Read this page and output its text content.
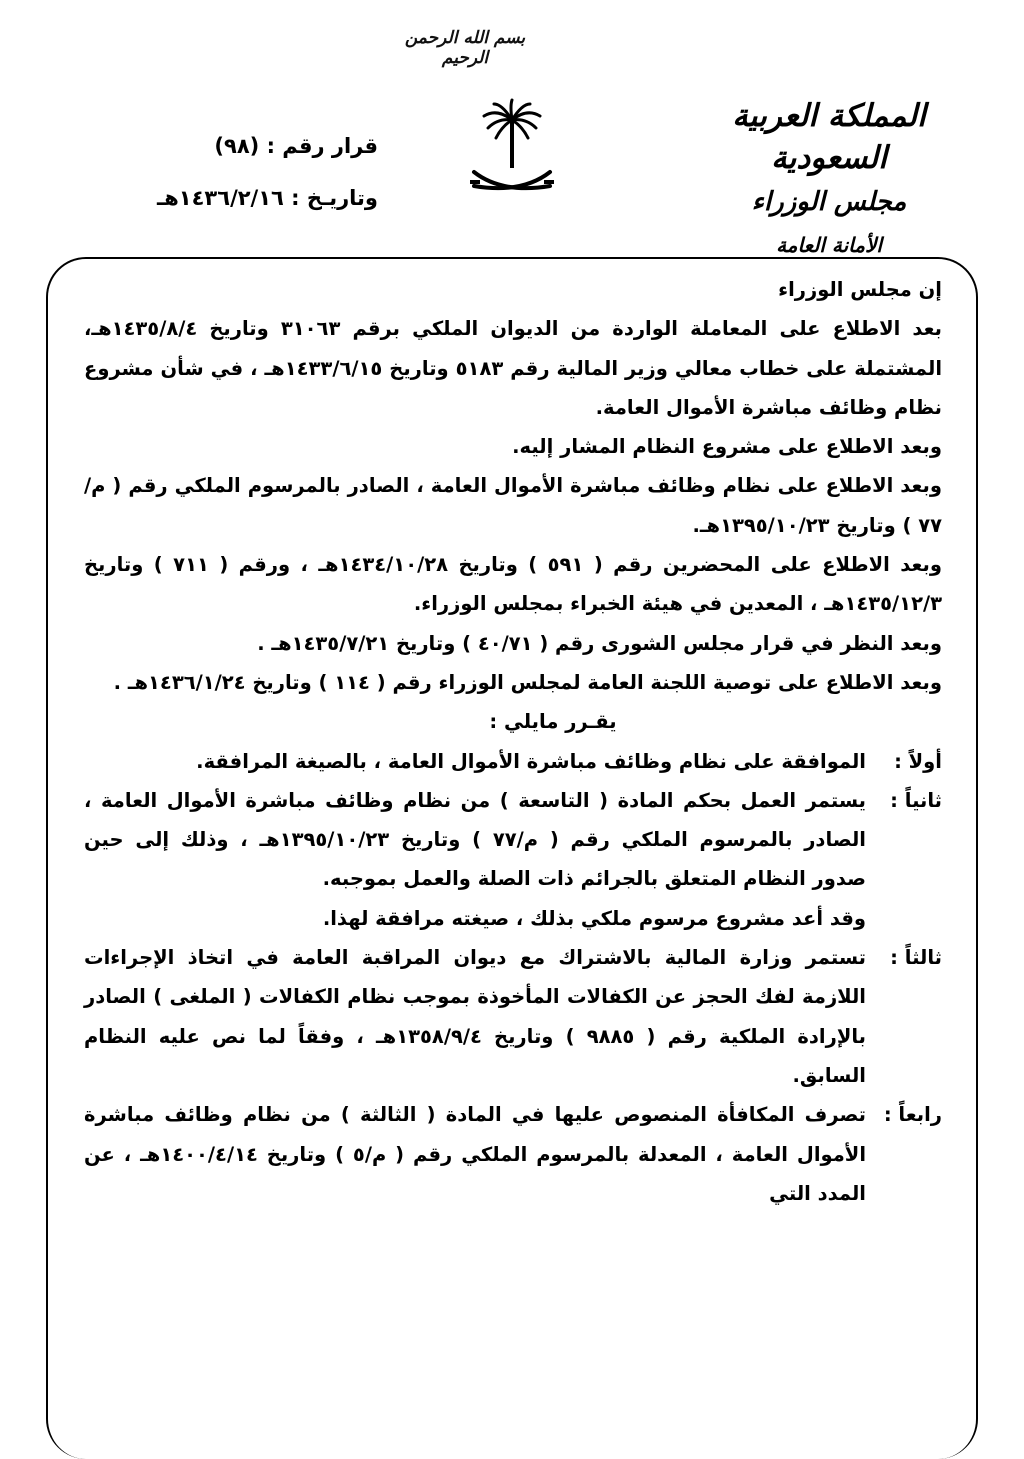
بسم الله الرحمن الرحيم
المملكة العربية السعودية
مجلس الوزراء
الأمانة العامة
قرار رقم : (٩٨)
وتاريـخ : ١٤٣٦/٢/١٦هـ
إن مجلس الوزراء
بعد الاطلاع على المعاملة الواردة من الديوان الملكي برقم ٣١٠٦٣ وتاريخ ١٤٣٥/٨/٤هـ، المشتملة على خطاب معالي وزير المالية رقم ٥١٨٣ وتاريخ ١٤٣٣/٦/١٥هـ ، في شأن مشروع نظام وظائف مباشرة الأموال العامة.
وبعد الاطلاع على مشروع النظام المشار إليه.
وبعد الاطلاع على نظام وظائف مباشرة الأموال العامة ، الصادر بالمرسوم الملكي رقم ( م/٧٧ ) وتاريخ ١٣٩٥/١٠/٢٣هـ.
وبعد الاطلاع على المحضرين رقم ( ٥٩١ ) وتاريخ ١٤٣٤/١٠/٢٨هـ ، ورقم ( ٧١١ ) وتاريخ ١٤٣٥/١٢/٣هـ ، المعدين في هيئة الخبراء بمجلس الوزراء.
وبعد النظر في قرار مجلس الشورى رقم ( ٤٠/٧١ ) وتاريخ ١٤٣٥/٧/٢١هـ .
وبعد الاطلاع على توصية اللجنة العامة لمجلس الوزراء رقم ( ١١٤ ) وتاريخ ١٤٣٦/١/٢٤هـ .
يقـرر مايلي :
أولاً :
الموافقة على نظام وظائف مباشرة الأموال العامة ، بالصيغة المرافقة.
ثانياً :
يستمر العمل بحكم المادة ( التاسعة ) من نظام وظائف مباشرة الأموال العامة ، الصادر بالمرسوم الملكي رقم ( م/٧٧ ) وتاريخ ١٣٩٥/١٠/٢٣هـ ، وذلك إلى حين صدور النظام المتعلق بالجرائم ذات الصلة والعمل بموجبه.
وقد أعد مشروع مرسوم ملكي بذلك ، صيغته مرافقة لهذا.
ثالثاً :
تستمر وزارة المالية بالاشتراك مع ديوان المراقبة العامة في اتخاذ الإجراءات اللازمة لفك الحجز عن الكفالات المأخوذة بموجب نظام الكفالات ( الملغى ) الصادر بالإرادة الملكية رقم ( ٩٨٨٥ ) وتاريخ ١٣٥٨/٩/٤هـ ، وفقاً لما نص عليه النظام السابق.
رابعاً :
تصرف المكافأة المنصوص عليها في المادة ( الثالثة ) من نظام وظائف مباشرة الأموال العامة ، المعدلة بالمرسوم الملكي رقم ( م/٥ ) وتاريخ ١٤٠٠/٤/١٤هـ ، عن المدد التي
